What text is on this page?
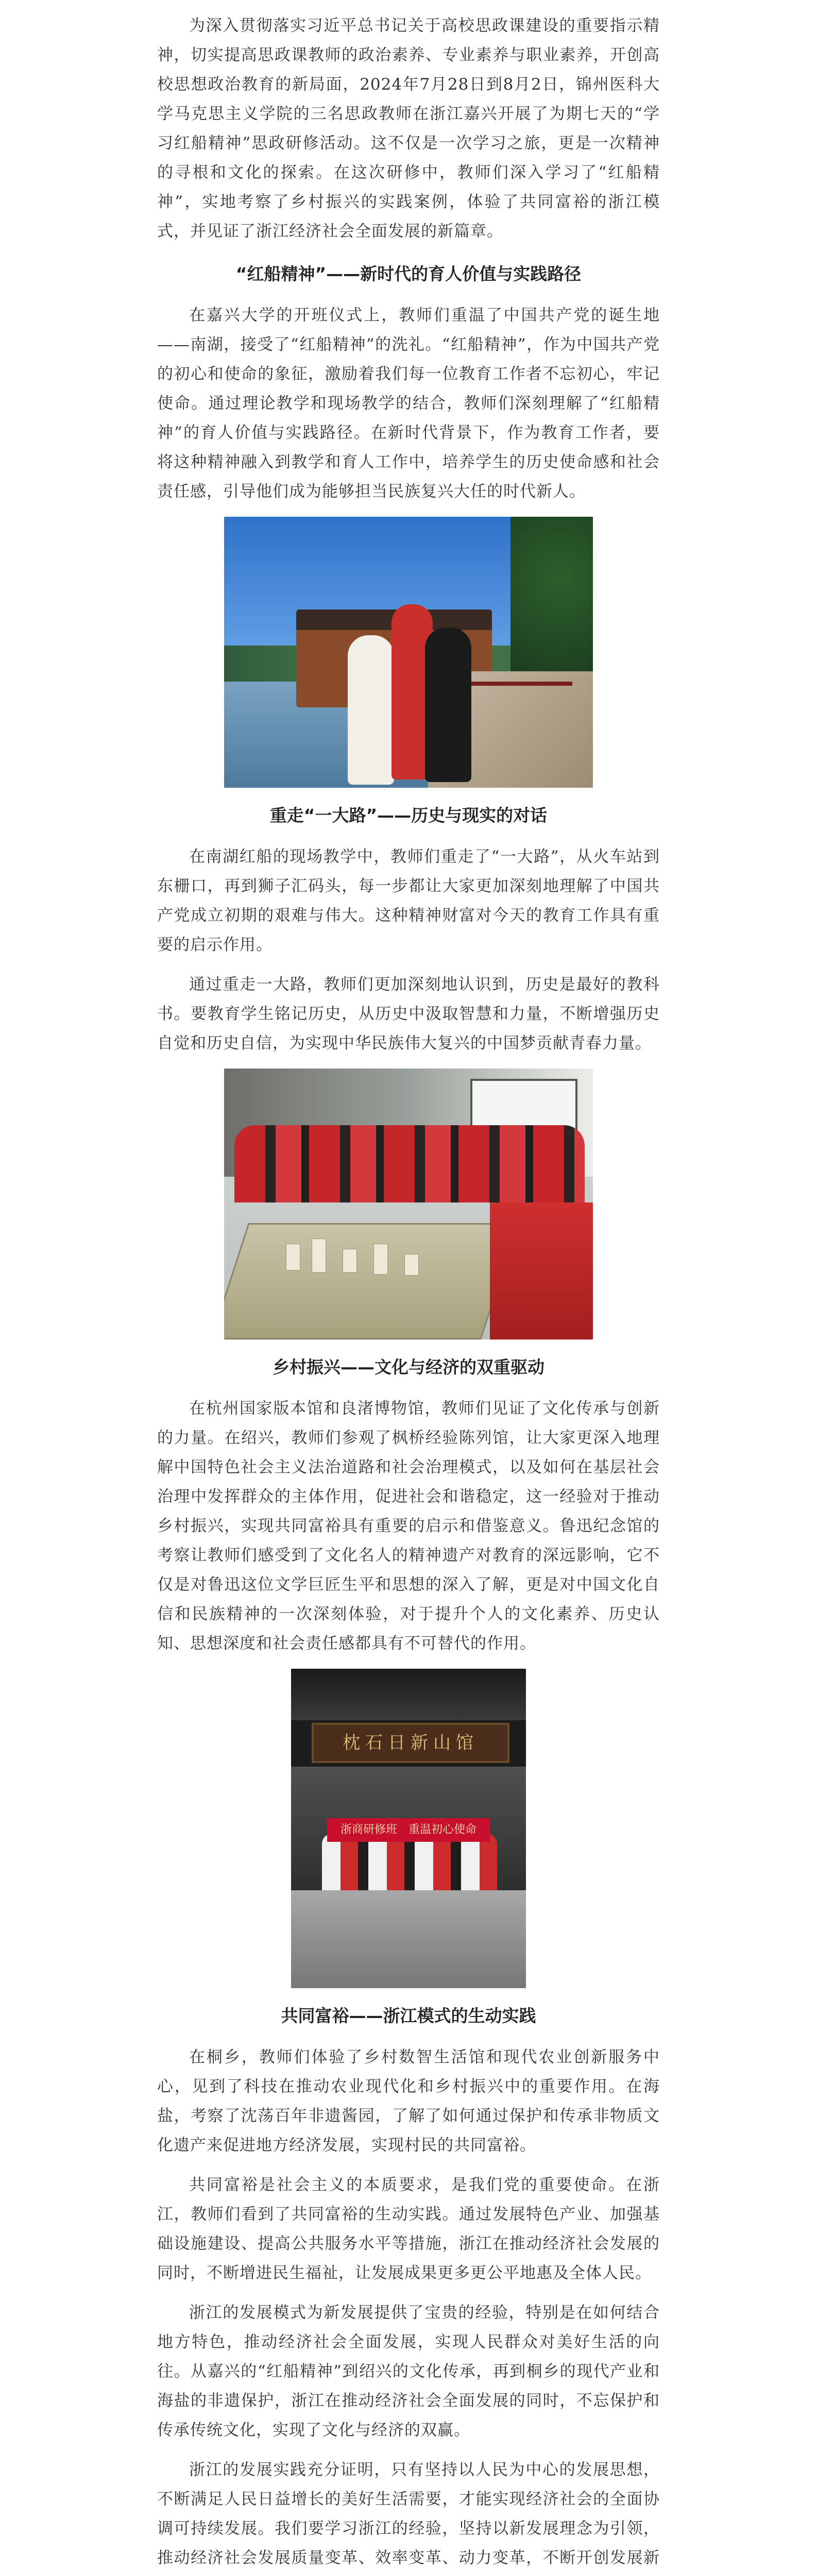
为深入贯彻落实习近平总书记关于高校思政课建设的重要指示精神，切实提高思政课教师的政治素养、专业素养与职业素养，开创高校思想政治教育的新局面，2024年7月28日到8月2日，锦州医科大学马克思主义学院的三名思政教师在浙江嘉兴开展了为期七天的“学习红船精神”思政研修活动。这不仅是一次学习之旅，更是一次精神的寻根和文化的探索。在这次研修中，教师们深入学习了“红船精神”，实地考察了乡村振兴的实践案例，体验了共同富裕的浙江模式，并见证了浙江经济社会全面发展的新篇章。

“红船精神”——新时代的育人价值与实践路径

在嘉兴大学的开班仪式上，教师们重温了中国共产党的诞生地——南湖，接受了“红船精神”的洗礼。“红船精神”，作为中国共产党的初心和使命的象征，激励着我们每一位教育工作者不忘初心，牢记使命。通过理论教学和现场教学的结合，教师们深刻理解了“红船精神”的育人价值与实践路径。在新时代背景下，作为教育工作者，要将这种精神融入到教学和育人工作中，培养学生的历史使命感和社会责任感，引导他们成为能够担当民族复兴大任的时代新人。

重走“一大路”——历史与现实的对话

在南湖红船的现场教学中，教师们重走了“一大路”，从火车站到东栅口，再到狮子汇码头，每一步都让大家更加深刻地理解了中国共产党成立初期的艰难与伟大。这种精神财富对今天的教育工作具有重要的启示作用。

通过重走一大路，教师们更加深刻地认识到，历史是最好的教科书。要教育学生铭记历史，从历史中汲取智慧和力量，不断增强历史自觉和历史自信，为实现中华民族伟大复兴的中国梦贡献青春力量。

乡村振兴——文化与经济的双重驱动

在杭州国家版本馆和良渚博物馆，教师们见证了文化传承与创新的力量。在绍兴，教师们参观了枫桥经验陈列馆，让大家更深入地理解中国特色社会主义法治道路和社会治理模式，以及如何在基层社会治理中发挥群众的主体作用，促进社会和谐稳定，这一经验对于推动乡村振兴，实现共同富裕具有重要的启示和借鉴意义。鲁迅纪念馆的考察让教师们感受到了文化名人的精神遗产对教育的深远影响，它不仅是对鲁迅这位文学巨匠生平和思想的深入了解，更是对中国文化自信和民族精神的一次深刻体验，对于提升个人的文化素养、历史认知、思想深度和社会责任感都具有不可替代的作用。

枕石日新山馆
浙商研修班　重温初心使命
共同富裕——浙江模式的生动实践

在桐乡，教师们体验了乡村数智生活馆和现代农业创新服务中心，见到了科技在推动农业现代化和乡村振兴中的重要作用。在海盐，考察了沈荡百年非遗酱园，了解了如何通过保护和传承非物质文化遗产来促进地方经济发展，实现村民的共同富裕。

共同富裕是社会主义的本质要求，是我们党的重要使命。在浙江，教师们看到了共同富裕的生动实践。通过发展特色产业、加强基础设施建设、提高公共服务水平等措施，浙江在推动经济社会发展的同时，不断增进民生福祉，让发展成果更多更公平地惠及全体人民。

浙江的发展模式为新发展提供了宝贵的经验，特别是在如何结合地方特色，推动经济社会全面发展，实现人民群众对美好生活的向往。从嘉兴的“红船精神”到绍兴的文化传承，再到桐乡的现代产业和海盐的非遗保护，浙江在推动经济社会全面发展的同时，不忘保护和传承传统文化，实现了文化与经济的双赢。

浙江的发展实践充分证明，只有坚持以人民为中心的发展思想，不断满足人民日益增长的美好生活需要，才能实现经济社会的全面协调可持续发展。我们要学习浙江的经验，坚持以新发展理念为引领，推动经济社会发展质量变革、效率变革、动力变革，不断开创发展新
